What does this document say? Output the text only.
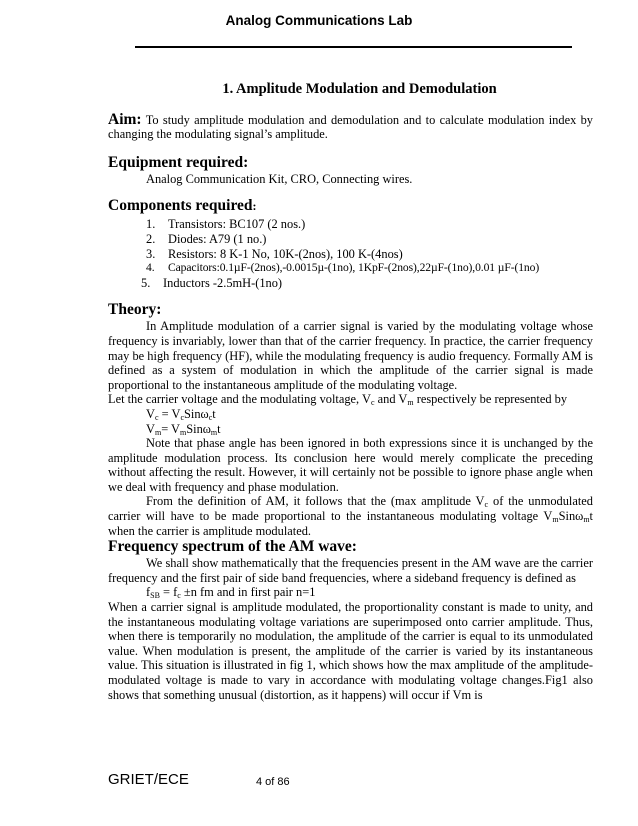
Analog Communications Lab
1. Amplitude Modulation and Demodulation

Aim: To study amplitude modulation and demodulation and to calculate modulation index by changing the modulating signal’s amplitude.

Equipment required:
Analog Communication Kit, CRO, Connecting wires.
Components required:
1. Transistors: BC107 (2 nos.)
2. Diodes: A79 (1 no.)
3. Resistors: 8 K-1 No, 10K-(2nos), 100 K-(4nos)
4. Capacitors:0.1µF-(2nos),-0.0015µ-(1no), 1KpF-(2nos),22µF-(1no),0.01 µF-(1no)
5. Inductors -2.5mH-(1no)
Theory:

In Amplitude modulation of a carrier signal is varied by the modulating voltage whose frequency is invariably, lower than that of the carrier frequency. In practice, the carrier frequency may be high frequency (HF), while the modulating frequency is audio frequency. Formally AM is defined as a system of modulation in which the amplitude of the carrier signal is made proportional to the instantaneous amplitude of the modulating voltage.

Let the carrier voltage and the modulating voltage, $V_c$ and $V_m$ respectively be represented by

$V_c = V_cSin\omega_ct$

$V_m= V_mSin\omega_mt$

Note that phase angle has been ignored in both expressions since it is unchanged by the amplitude modulation process. Its conclusion here would merely complicate the preceding without affecting the result. However, it will certainly not be possible to ignore phase angle when we deal with frequency and phase modulation.

From the definition of AM, it follows that the (max amplitude $V_c$ of the unmodulated carrier will have to be made proportional to the instantaneous modulating voltage $V_mSin\omega_mt$ when the carrier is amplitude modulated.

Frequency spectrum of the AM wave:

We shall show mathematically that the frequencies present in the AM wave are the carrier frequency and the first pair of side band frequencies, where a sideband frequency is defined as

$f_{SB} = f_c \pm n$ fm and in first pair n=1

When a carrier signal is amplitude modulated, the proportionality constant is made to unity, and the instantaneous modulating voltage variations are superimposed onto carrier amplitude. Thus, when there is temporarily no modulation, the amplitude of the carrier is equal to its unmodulated value. When modulation is present, the amplitude of the carrier is varied by its instantaneous value. This situation is illustrated in fig 1, which shows how the max amplitude of the amplitude- modulated voltage is made to vary in accordance with modulating voltage changes.Fig1 also shows that something unusual (distortion, as it happens) will occur if Vm is

GRIET/ECE	4 of 86
